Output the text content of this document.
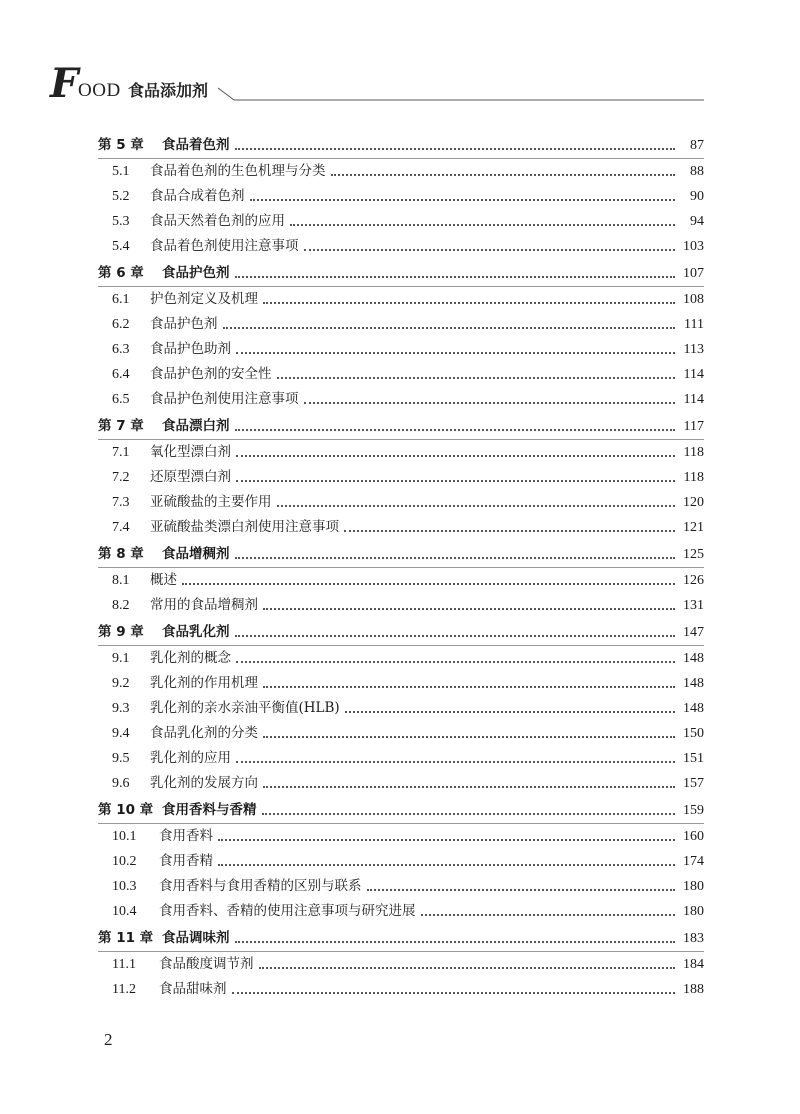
F OOD 食品添加剂
第 5 章	食品着色剂	87
5.1	食品着色剂的生色机理与分类	88
5.2	食品合成着色剂	90
5.3	食品天然着色剂的应用	94
5.4	食品着色剂使用注意事项	103
第 6 章	食品护色剂	107
6.1	护色剂定义及机理	108
6.2	食品护色剂	111
6.3	食品护色助剂	113
6.4	食品护色剂的安全性	114
6.5	食品护色剂使用注意事项	114
第 7 章	食品漂白剂	117
7.1	氧化型漂白剂	118
7.2	还原型漂白剂	118
7.3	亚硫酸盐的主要作用	120
7.4	亚硫酸盐类漂白剂使用注意事项	121
第 8 章	食品增稠剂	125
8.1	概述	126
8.2	常用的食品增稠剂	131
第 9 章	食品乳化剂	147
9.1	乳化剂的概念	148
9.2	乳化剂的作用机理	148
9.3	乳化剂的亲水亲油平衡值(HLB)	148
9.4	食品乳化剂的分类	150
9.5	乳化剂的应用	151
9.6	乳化剂的发展方向	157
第 10 章 食用香料与香精	159
10.1	食用香料	160
10.2	食用香精	174
10.3	食用香料与食用香精的区别与联系	180
10.4	食用香料、香精的使用注意事项与研究进展	180
第 11 章 食品调味剂	183
11.1	食品酸度调节剂	184
11.2	食品甜味剂	188
2
